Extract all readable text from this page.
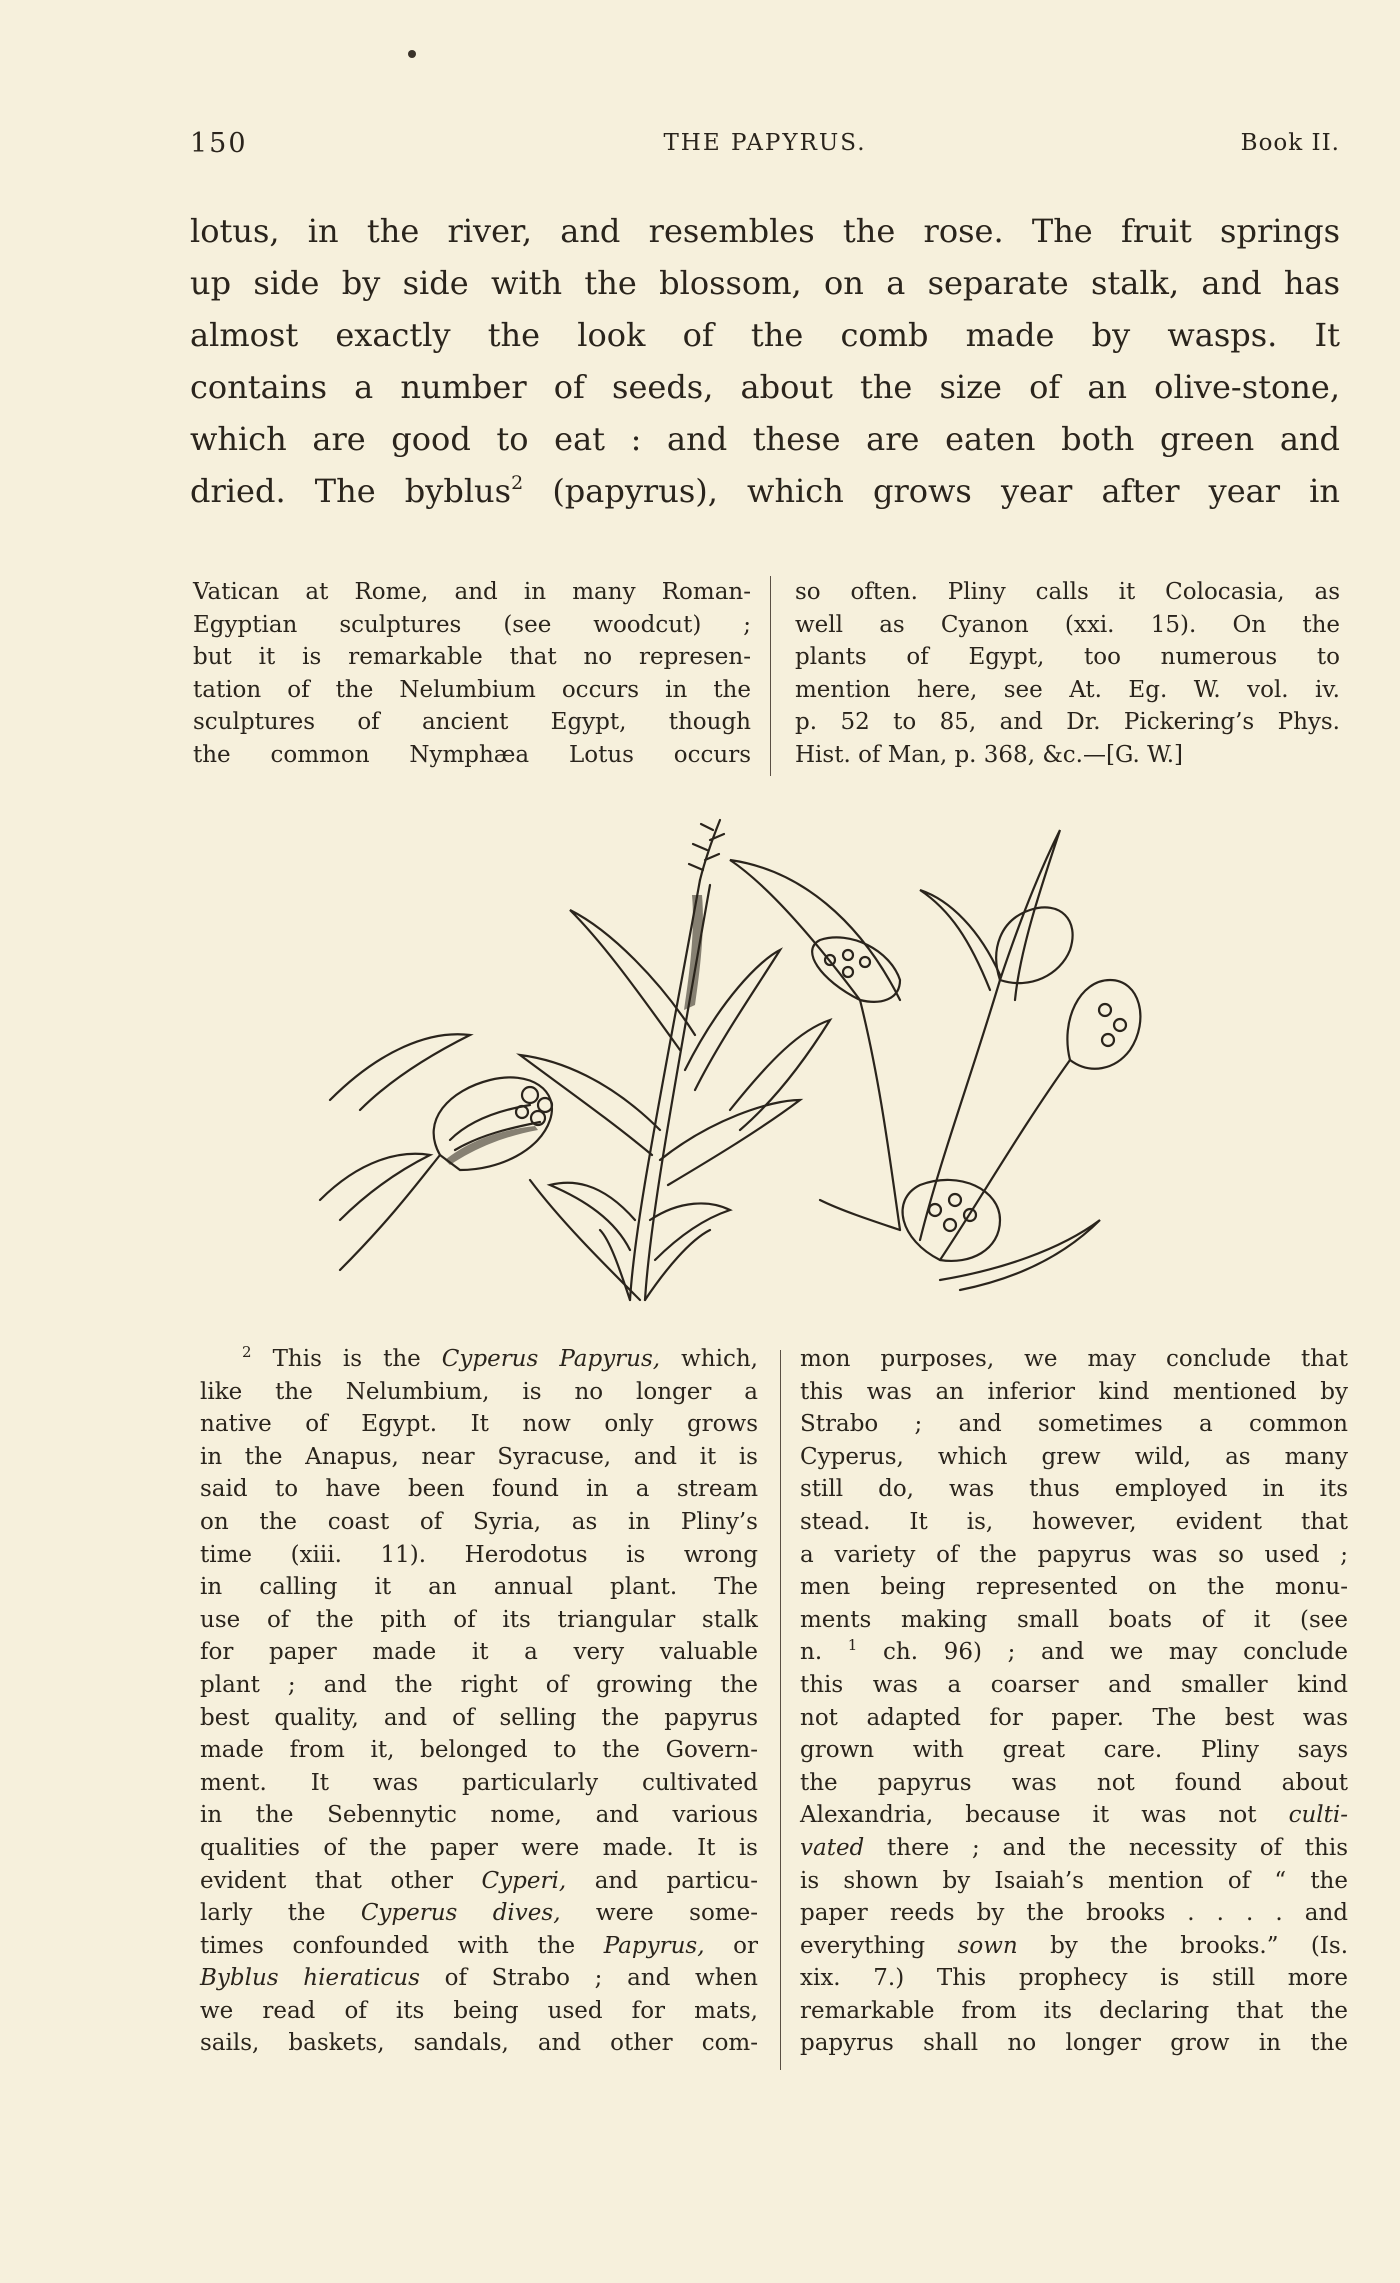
150	THE PAPYRUS.	Book II.
lotus, in the river, and resembles the rose. The fruit springs
up side by side with the blossom, on a separate stalk, and has
almost exactly the look of the comb made by wasps. It
contains a number of seeds, about the size of an olive-stone,
which are good to eat : and these are eaten both green and
dried. The byblus$^2$ (papyrus), which grows year after year in
Vatican at Rome, and in many Roman-
Egyptian sculptures (see woodcut) ;
but it is remarkable that no represen-
tation of the Nelumbium occurs in the
sculptures of ancient Egypt, though
the common Nymphæa Lotus occurs
so often. Pliny calls it Colocasia, as
well as Cyanon (xxi. 15). On the
plants of Egypt, too numerous to
mention here, see At. Eg. W. vol. iv.
p. 52 to 85, and Dr. Pickering’s Phys.
Hist. of Man, p. 368, &c.—[G. W.]
$^2$ This is the Cyperus Papyrus, which,
like the Nelumbium, is no longer a
native of Egypt. It now only grows
in the Anapus, near Syracuse, and it is
said to have been found in a stream
on the coast of Syria, as in Pliny’s
time (xiii. 11). Herodotus is wrong
in calling it an annual plant. The
use of the pith of its triangular stalk
for paper made it a very valuable
plant ; and the right of growing the
best quality, and of selling the papyrus
made from it, belonged to the Govern-
ment. It was particularly cultivated
in the Sebennytic nome, and various
qualities of the paper were made. It is
evident that other Cyperi, and particu-
larly the Cyperus dives, were some-
times confounded with the Papyrus, or
Byblus hieraticus of Strabo ; and when
we read of its being used for mats,
sails, baskets, sandals, and other com-
mon purposes, we may conclude that
this was an inferior kind mentioned by
Strabo ; and sometimes a common
Cyperus, which grew wild, as many
still do, was thus employed in its
stead. It is, however, evident that
a variety of the papyrus was so used ;
men being represented on the monu-
ments making small boats of it (see
n. $^1$ ch. 96) ; and we may conclude
this was a coarser and smaller kind
not adapted for paper. The best was
grown with great care. Pliny says
the papyrus was not found about
Alexandria, because it was not culti-
vated there ; and the necessity of this
is shown by Isaiah’s mention of “ the
paper reeds by the brooks . . . . and
everything sown by the brooks.” (Is.
xix. 7.) This prophecy is still more
remarkable from its declaring that the
papyrus shall no longer grow in the
